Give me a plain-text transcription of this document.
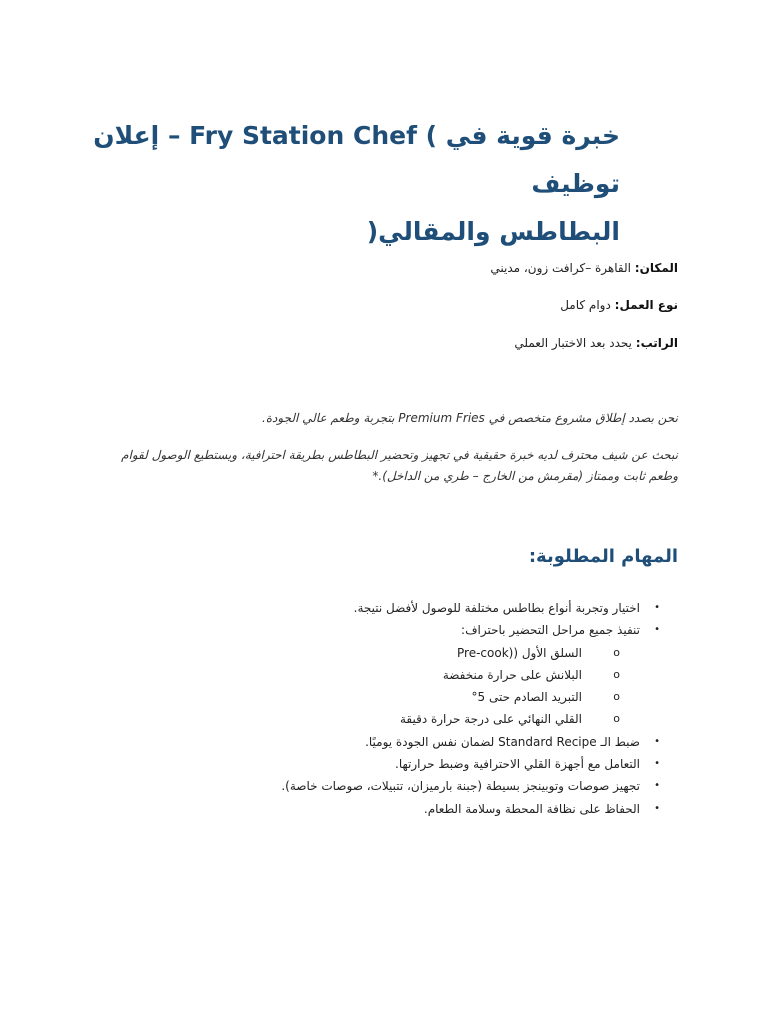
خبرة قوية في ) Fry Station Chef – إعلان توظيف
البطاطس والمقالي(
المكان: القاهرة –كرافت زون، مديني
نوع العمل: دوام كامل
الراتب: يحدد بعد الاختبار العملي
نحن بصدد إطلاق مشروع متخصص في Premium Fries بتجربة وطعم عالي الجودة.
نبحث عن شيف محترف لديه خبرة حقيقية في تجهيز وتحضير البطاطس بطريقة احترافية، ويستطيع الوصول لقوام وطعم ثابت وممتاز (مقرمش من الخارج – طري من الداخل).*
المهام المطلوبة:
•
اختيار وتجربة أنواع بطاطس مختلفة للوصول لأفضل نتيجة.
•
تنفيذ جميع مراحل التحضير باحتراف:
o
السلق الأول ((Pre-cook
o
البلانش على حرارة منخفضة
o
التبريد الصادم حتى 5°
o
القلي النهائي على درجة حرارة دقيقة
•
ضبط الـ Standard Recipe لضمان نفس الجودة يوميًا.
•
التعامل مع أجهزة القلي الاحترافية وضبط حرارتها.
•
تجهيز صوصات وتوبينجز بسيطة (جبنة بارميزان، تتبيلات، صوصات خاصة).
•
الحفاظ على نظافة المحطة وسلامة الطعام.
